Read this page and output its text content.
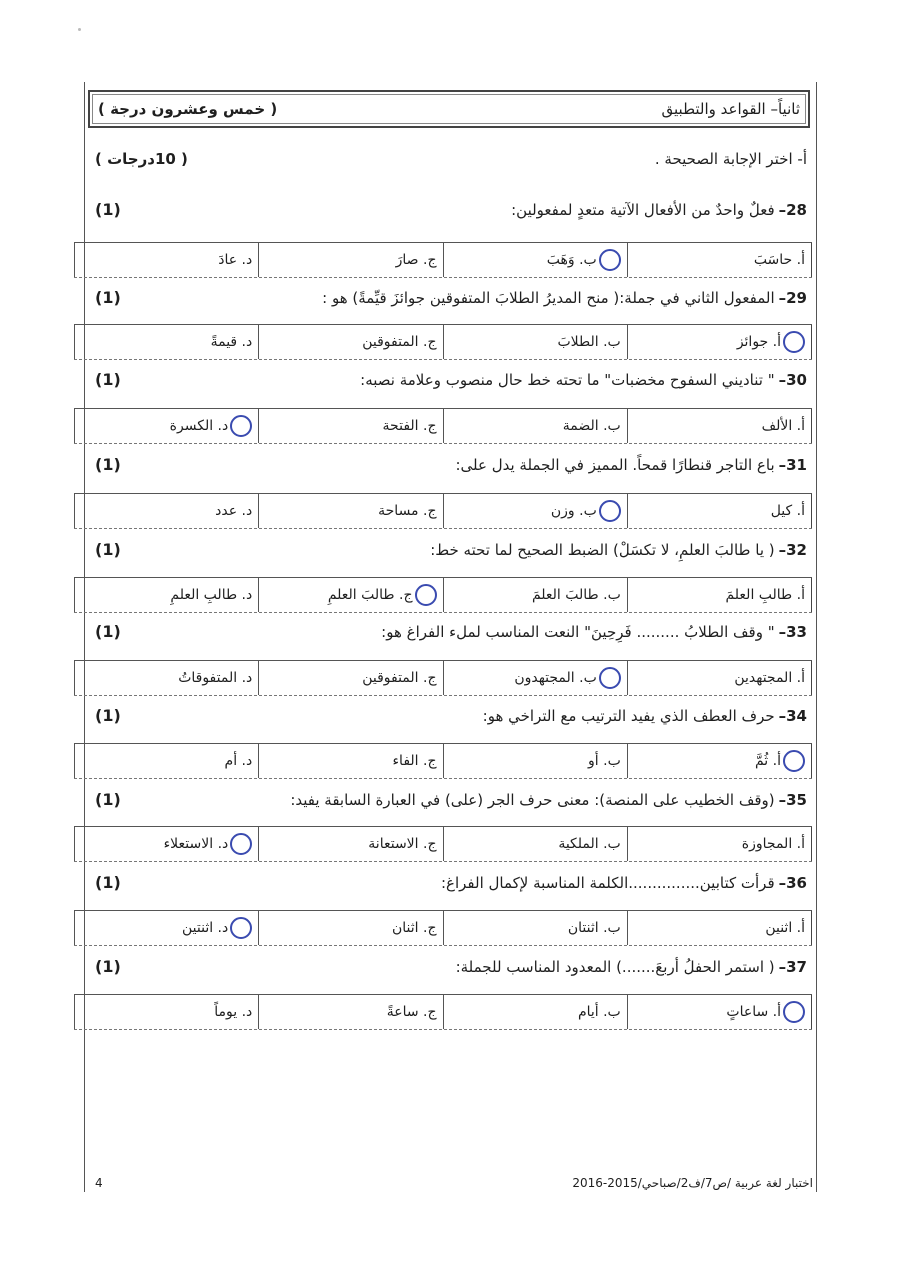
ثانياً– القواعد والتطبيق
( خمس وعشرون درجة )
أ- اختر الإجابة الصحيحة .
( 10درجات )
28–فعلٌ واحدٌ من الأفعال الآتية متعدٍ لمفعولين:
(1)
أ. حاسَبَ
ب. وَهَبَ
ج. صارَ
د. عادَ
29–المفعول الثاني في جملة:( منح المديرُ الطلابَ المتفوقين جوائزَ قيِّمةً) هو :
(1)
أ. جوائز
ب. الطلابَ
ج. المتفوقين
د. قيمةً
30–" تناديني السفوح مخضبات" ما تحته خط حال منصوب وعلامة نصبه:
(1)
أ. الألف
ب. الضمة
ج. الفتحة
د. الكسرة
31–باع التاجر قنطارًا قمحاً. المميز في الجملة يدل على:
(1)
أ. كيل
ب. وزن
ج. مساحة
د. عدد
32–( يا طالبَ العلمِ، لا تكسَلْ) الضبط الصحيح لما تحته خط:
(1)
أ. طالبِ العلمَ
ب. طالبَ العلمَ
ج. طالبَ العلمِ
د. طالبِ العلمِ
33–" وقف الطلابُ ......... فَرِحِينَ" النعت المناسب لملء الفراغ هو:
(1)
أ. المجتهدين
ب. المجتهدون
ج. المتفوقين
د. المتفوقاتُ
34–حرف العطف الذي يفيد الترتيب مع التراخي هو:
(1)
أ. ثُمَّ
ب. أو
ج. الفاء
د. أم
35–(وقف الخطيب على المنصة): معنى حرف الجر (على) في العبارة السابقة يفيد:
(1)
أ. المجاوزة
ب. الملكية
ج. الاستعانة
د. الاستعلاء
36–قرأت كتابين...............الكلمة المناسبة لإكمال الفراغ:
(1)
أ. اثنين
ب. اثنتان
ج. اثنان
د. اثنتين
37–( استمر الحفلُ أربعَ.......) المعدود المناسب للجملة:
(1)
أ. ساعاتٍ
ب. أيام
ج. ساعةً
د. يوماً
اختبار لغة عربية /ص7/ف2/صباحي/2015-2016
4
